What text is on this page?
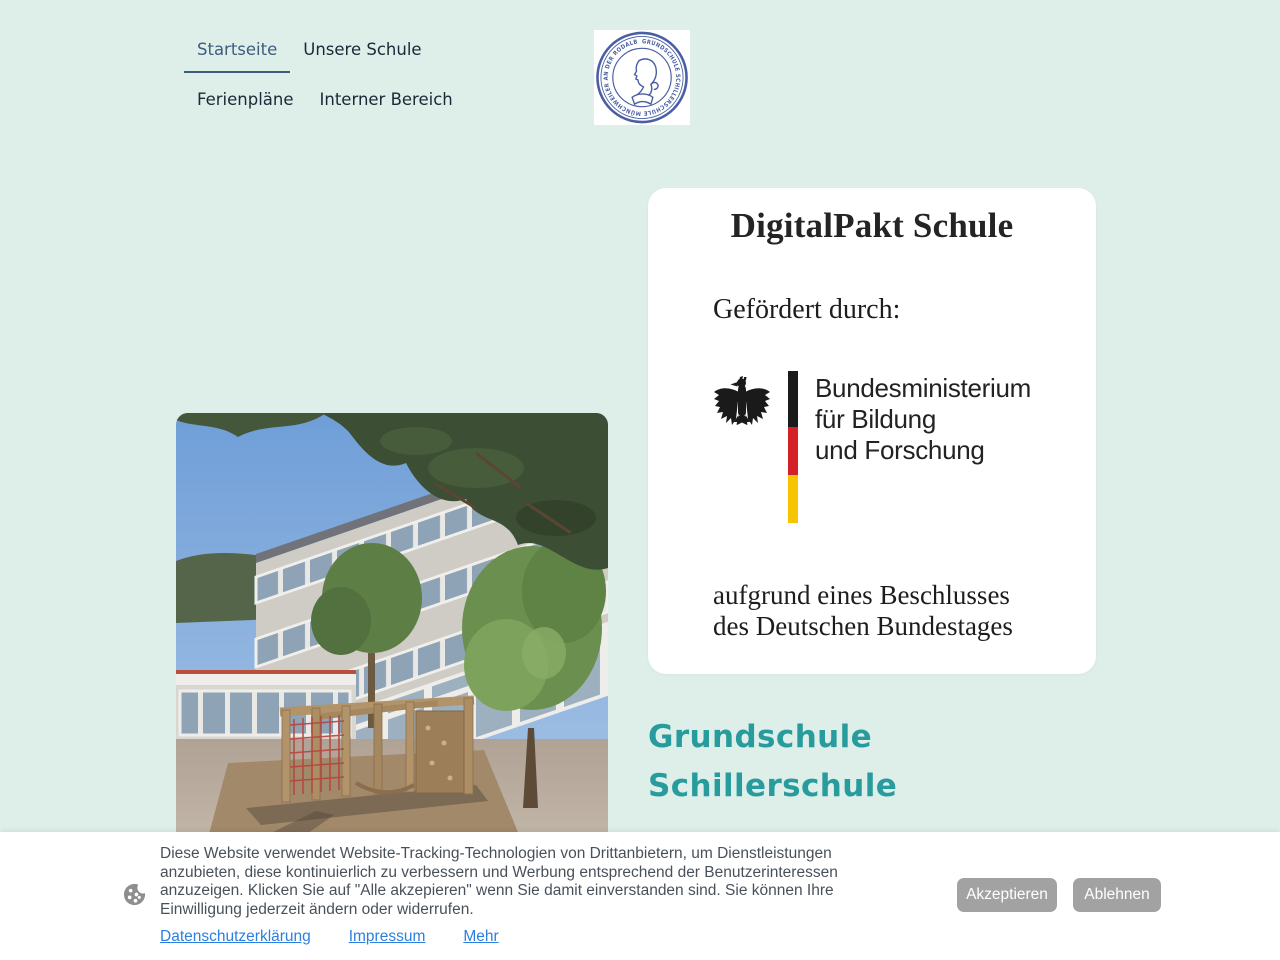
Startseite	Unsere Schule
Ferienpläne	Interner Bereich
GRUNDSCHULE SCHILLERSCHULE MÜNCHWEILER AN DER RODALB
DigitalPakt Schule
Gefördert durch:
Bundesministerium
für Bildung
und Forschung
aufgrund eines Beschlusses
des Deutschen Bundestages
Grundschule
Schillerschule
Diese Website verwendet Website-Tracking-Technologien von Drittanbietern, um Dienstleistungen anzubieten, diese kontinuierlich zu verbessern und Werbung entsprechend der Benutzerinteressen anzuzeigen. Klicken Sie auf "Alle akzepieren" wenn Sie damit einverstanden sind. Sie können Ihre Einwilligung jederzeit ändern oder widerrufen.
Datenschutzerklärung Impressum Mehr
Akzeptieren	Ablehnen
